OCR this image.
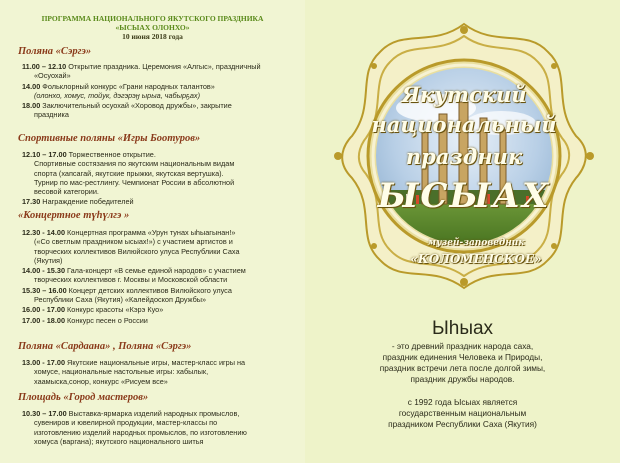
ПРОГРАММА НАЦИОНАЛЬНОГО ЯКУТСКОГО ПРАЗДНИКА
«ЫСЫАХ ОЛОНХО»
10 июня 2018 года
Поляна «Сэргэ»

11.00 – 12.10 Открытие праздника. Церемония «Алгыс», праздничный
«Осуохай»

14.00 Фольклорный конкурс «Грани народных талантов»
(олонхо, хомус, тойук, дэгэрэӈ ырыа, чабырҕах)

18.00 Заключительный осуохай «Хоровод дружбы», закрытие
праздника

Спортивные поляны «Игры Боотуров»

12.10 – 17.00 Торжественное открытие.
Спортивные состязания по якутским национальным видам
спорта (хапсагай, якутские прыжки, якутская вертушка).
Турнир по мас-рестлингу. Чемпионат России в абсолютной
весовой категории.

17.30 Награждение победителей

«Концертное түһүлгэ »

12.30 - 14.00 Концертная программа «Урун тунах ыһыагынан!»
(«Со светлым праздником ысыах!») с участием артистов и
творческих коллективов Вилюйского улуса Республики Саха
(Якутия)

14.00 - 15.30 Гала-концерт «В семье единой народов» с участием
творческих коллективов г. Москвы и Московской области

15.30 – 16.00 Концерт детских коллективов Вилюйского улуса
Республики Саха (Якутия) «Калейдоскоп Дружбы»

16.00 - 17.00 Конкурс красоты «Кэрэ Куо»

17.00 - 18.00 Конкурс песен о России

Поляна «Сардаана» , Поляна «Сэргэ»

13.00 - 17.00 Якутские национальные игры, мастер-класс игры на
хомусе, национальные настольные игры: хабылык,
хаамыска,сонор, конкурс «Рисуем все»

Площадь «Город мастеров»

10.30 – 17.00 Выставка-ярмарка изделий народных промыслов,
сувениров и ювелирной продукции, мастер-классы по
изготовлению изделий народных промыслов, по изготовлению
хомуса (варгана); якутского национального шитья

Якутский
национальный
праздник
ЫСЫАХ
музей-заповедник
«КОЛОМЕНСКОЕ»
Ыhыах
- это древний праздник народа саха,
праздник единения Человека и Природы,
праздник встречи лета после долгой зимы,
праздник дружбы народов.
с 1992 года Ысыах является
государственным национальным
праздником Республики Саха (Якутия)
